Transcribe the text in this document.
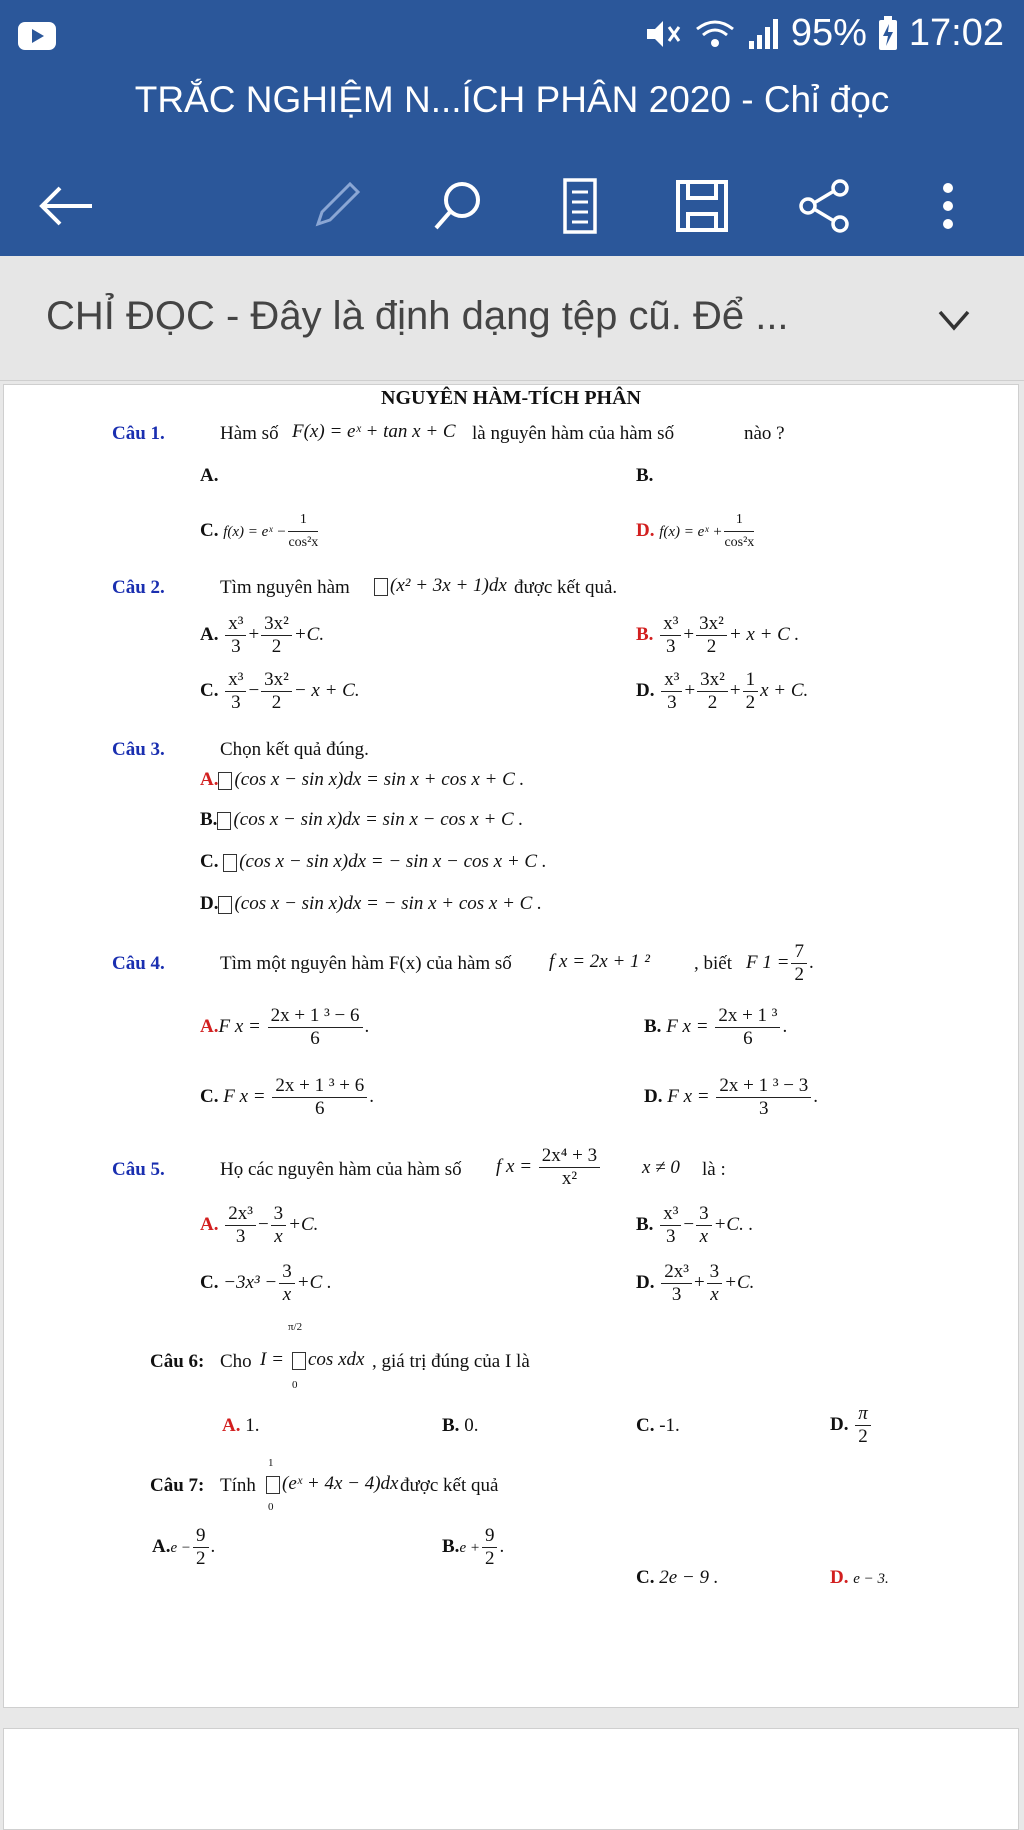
95% 17:02
TRẮC NGHIỆM N...ÍCH PHÂN 2020 - Chỉ đọc
CHỈ ĐỌC - Đây là định dạng tệp cũ. Để ...
NGUYÊN HÀM-TÍCH PHÂN
Câu 1.	Hàm số F(x) = eˣ + tan x + C là nguyên hàm của hàm số	nào ?
A.	B.
C. f(x) = eˣ − $\frac{1}{\text{cos²x}}$	D. f(x) = eˣ + $\frac{1}{\text{cos²x}}$
Câu 2.	Tìm nguyên hàm	(x² + 3x + 1)dx được kết quả.
A. $\frac{\text{x³}}{3} + \frac{\text{3x²}}{2} +C$.	B. $\frac{\text{x³}}{3} + \frac{\text{3x²}}{2} + x + C$ .
C. $\frac{\text{x³}}{3} - \frac{\text{3x²}}{2} - x + C$.	D. $\frac{\text{x³}}{3} + \frac{\text{3x²}}{2} + \frac{1}{2}$ x + C.
Câu 3.	Chọn kết quả đúng.
A. (cos x − sin x)dx = sin x + cos x + C .
B. (cos x − sin x)dx = sin x − cos x + C .
C. (cos x − sin x)dx = − sin x − cos x + C .
D. (cos x − sin x)dx = − sin x + cos x + C .
Câu 4.	Tìm một nguyên hàm F(x) của hàm số f x = 2x + 1 ² , biết F $1 = \frac{7}{2}$ .
A.F $x = \frac{\text{2x + 1 ³ − 6}}{6}$ .	B. F $x = \frac{\text{2x + 1 ³}}{6}$ .
C. F $x = \frac{\text{2x + 1 ³ + 6}}{6}$ .	D. F $x = \frac{\text{2x + 1 ³ − 3}}{3}$ .
Câu 5.	Họ các nguyên hàm của hàm số f $x = \frac{\text{2x⁴ + 3}}{\text{x²}}$ x ≠ 0 là :
A. $\frac{\text{2x³}}{3} - \frac{3}{x} +C$.	B. $\frac{\text{x³}}{3} - \frac{3}{x} +C$. .
C. $-3x^3 - \frac{3}{x} +C$ .	D. $\frac{\text{2x³}}{3} + \frac{3}{x} +C$.
Câu 6: Cho I =
π/2
0
cos xdx , giá trị đúng của I là
A. 1.	B. 0.	C. -1.	D. $\frac{\pi}{2}$
Câu 7: Tính
1
0
(eˣ + 4x − 4)dx được kết quả
$A.e - \frac{9}{2}$ .	$B.e + \frac{9}{2}$ .
C. 2e − 9 .	D. e − 3.
